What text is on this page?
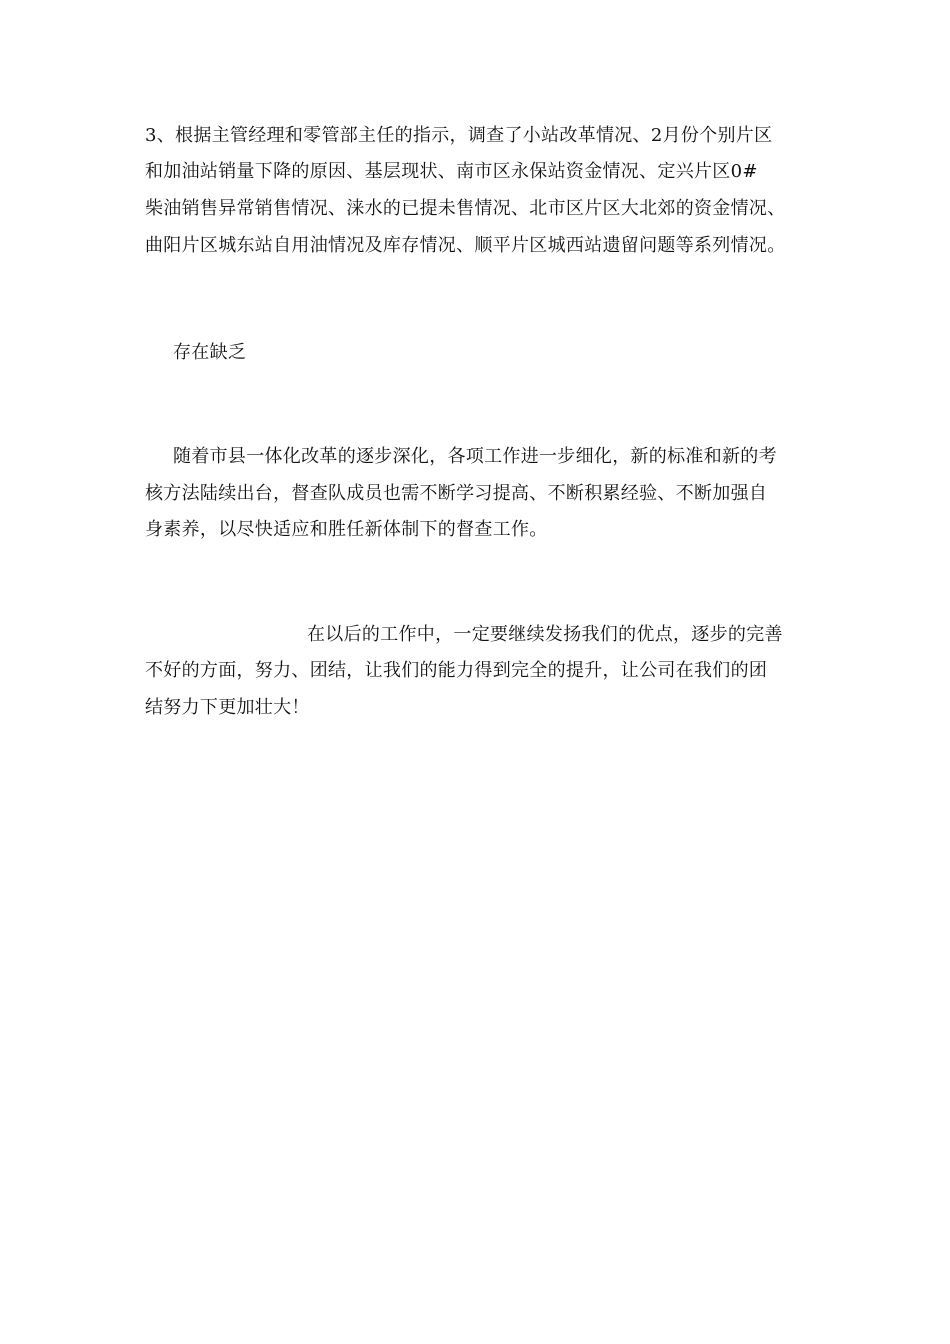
3、根据主管经理和零管部主任的指示，调查了小站改革情况、2月份个别片区
和加油站销量下降的原因、基层现状、南市区永保站资金情况、定兴片区0#
柴油销售异常销售情况、涞水的已提未售情况、北市区片区大北郊的资金情况、
曲阳片区城东站自用油情况及库存情况、顺平片区城西站遗留问题等系列情况。
存在缺乏
随着市县一体化改革的逐步深化，各项工作进一步细化，新的标准和新的考
核方法陆续出台，督查队成员也需不断学习提高、不断积累经验、不断加强自
身素养，以尽快适应和胜任新体制下的督查工作。
在以后的工作中，一定要继续发扬我们的优点，逐步的完善
不好的方面，努力、团结，让我们的能力得到完全的提升，让公司在我们的团
结努力下更加壮大！
